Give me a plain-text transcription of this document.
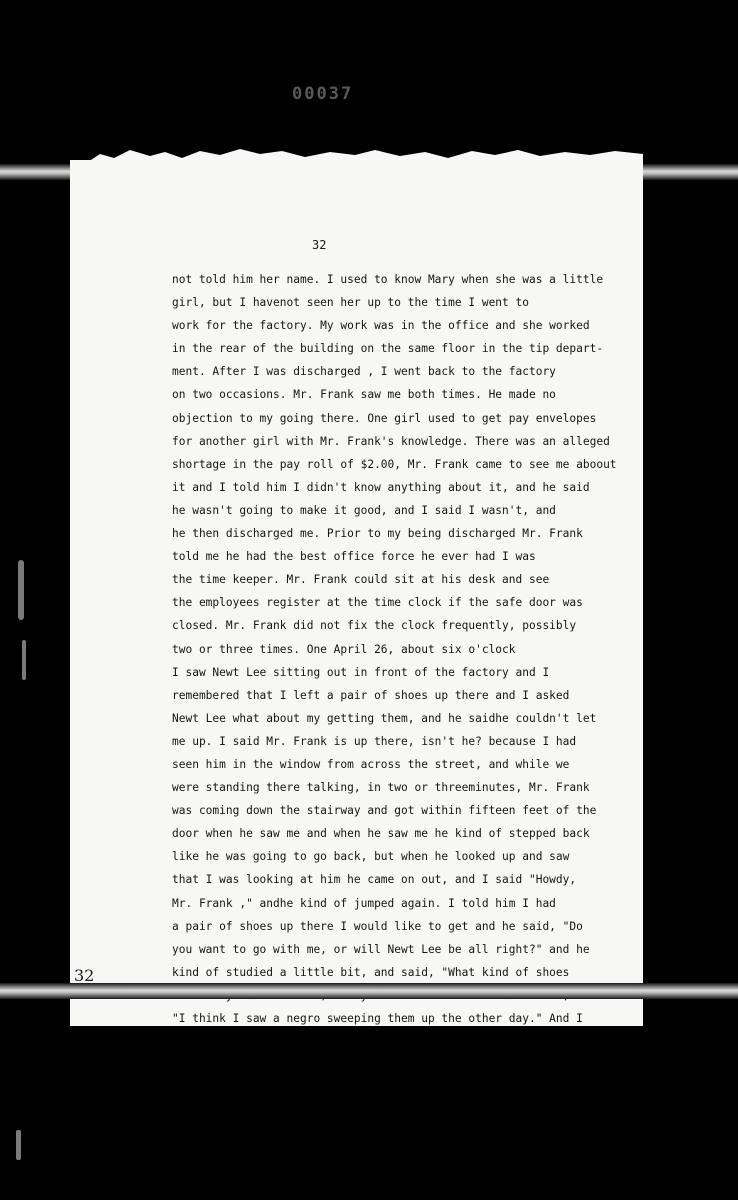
00037
32
not told him her name. I used to know Mary when she was a little
girl, but I havenot seen her up to the time I went to
work for the factory. My work was in the office and she worked
in the rear of the building on the same floor in the tip depart-
ment. After I was discharged , I went back to the factory
on two occasions. Mr. Frank saw me both times. He made no
objection to my going there. One girl used to get pay envelopes
for another girl with Mr. Frank's knowledge. There was an alleged
shortage in the pay roll of $2.00, Mr. Frank came to see me aboout
it and I told him I didn't know anything about it, and he said
he wasn't going to make it good, and I said I wasn't, and
he then discharged me. Prior to my being discharged Mr. Frank
told me he had the best office force he ever had I was
the time keeper. Mr. Frank could sit at his desk and see
the employees register at the time clock if the safe door was
closed. Mr. Frank did not fix the clock frequently, possibly
two or three times. One April 26, about six o'clock
I saw Newt Lee sitting out in front of the factory and I
remembered that I left a pair of shoes up there and I asked
Newt Lee what about my getting them, and he saidhe couldn't let
me up. I said Mr. Frank is up there, isn't he? because I had
seen him in the window from across the street, and while we
were standing there talking, in two or threeminutes, Mr. Frank
was coming down the stairway and got within fifteen feet of the
door when he saw me and when he saw me he kind of stepped back
like he was going to go back, but when he looked up and saw
that I was looking at him he came on out, and I said "Howdy,
Mr. Frank ," andhe kind of jumped again. I told him I had
a pair of shoes up there I would like to get and he said, "Do
you want to go with me, or will Newt Lee be all right?" and he
kind of studied a little bit, and said, "What kind of shoes
"I think I saw a negro sweeping them up the other day." And I
32
